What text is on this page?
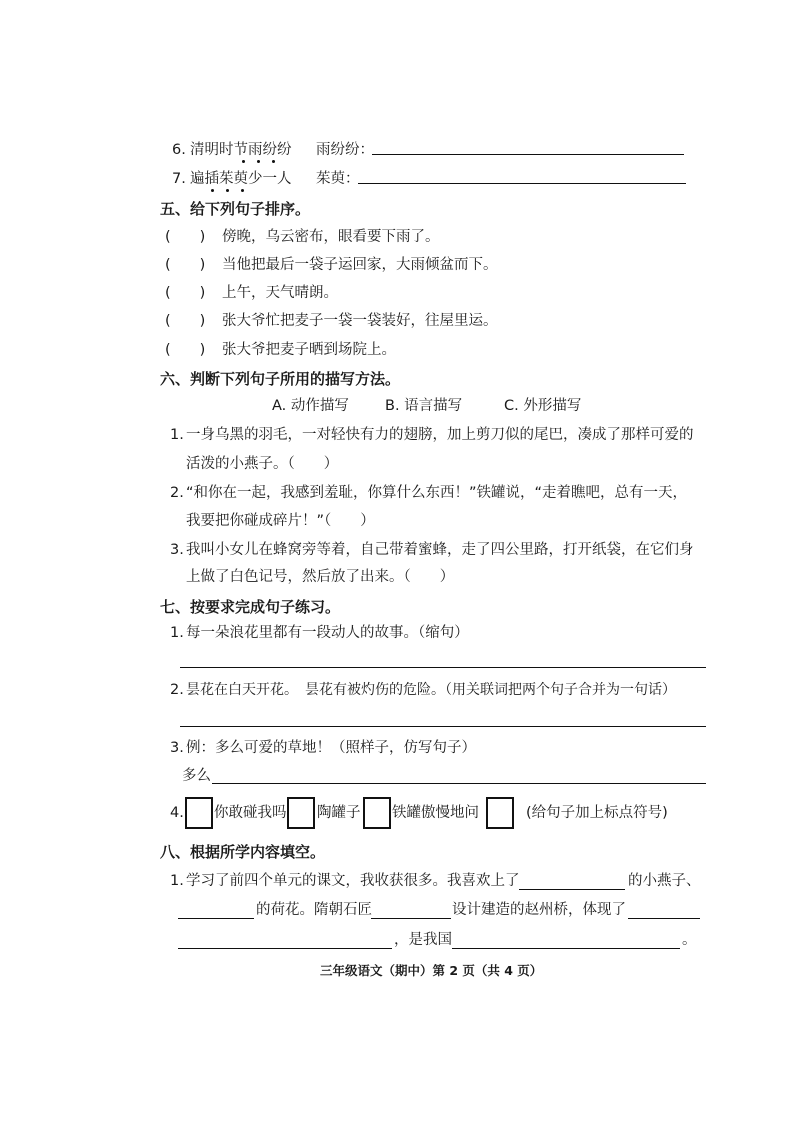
6. 清明时节雨纷纷 雨纷纷：
7. 遍插茱萸少一人 茱萸：
五、给下列句子排序。
(　　) 傍晚，乌云密布，眼看要下雨了。
(　　) 当他把最后一袋子运回家，大雨倾盆而下。
(　　) 上午，天气晴朗。
(　　) 张大爷忙把麦子一袋一袋装好，往屋里运。
(　　) 张大爷把麦子晒到场院上。
六、判断下列句子所用的描写方法。
A. 动作描写 B. 语言描写	C. 外形描写
1. 一身乌黑的羽毛，一对轻快有力的翅膀，加上剪刀似的尾巴，凑成了那样可爱的
活泼的小燕子。（　　）
2. “和你在一起，我感到羞耻，你算什么东西！”铁罐说，“走着瞧吧，总有一天，
我要把你碰成碎片！”（　　）
3. 我叫小女儿在蜂窝旁等着，自己带着蜜蜂，走了四公里路，打开纸袋，在它们身
上做了白色记号，然后放了出来。（　　）
七、按要求完成句子练习。
1. 每一朵浪花里都有一段动人的故事。（缩句）
2. 昙花在白天开花。　昙花有被灼伤的危险。（用关联词把两个句子合并为一句话）
3. 例：多么可爱的草地！（照样子，仿写句子）
多么
4. 你敢碰我吗 陶罐子 铁罐傲慢地问	(给句子加上标点符号)
八、根据所学内容填空。
1. 学习了前四个单元的课文，我收获很多。我喜欢上了	的小燕子、
的荷花。隋朝石匠	设计建造的赵州桥，体现了
，是我国	。
三年级语文（期中）第 2 页（共 4 页）
